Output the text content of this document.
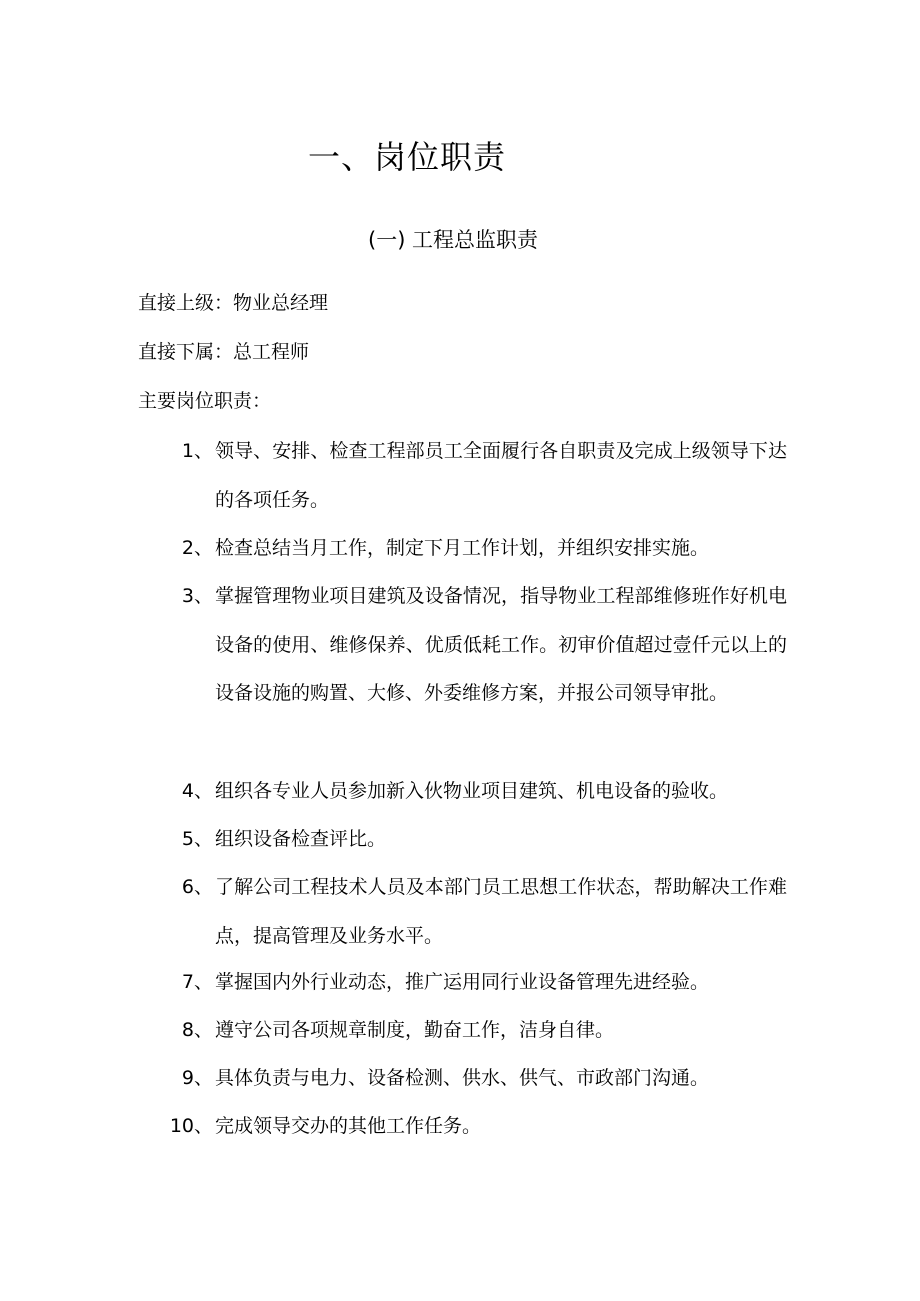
一、岗位职责
(一) 工程总监职责

直接上级：物业总经理

直接下属：总工程师

主要岗位职责：

1、 领导、安排、检查工程部员工全面履行各自职责及完成上级领导下达的各项任务。
2、 检查总结当月工作，制定下月工作计划，并组织安排实施。
3、 掌握管理物业项目建筑及设备情况，指导物业工程部维修班作好机电设备的使用、维修保养、优质低耗工作。初审价值超过壹仟元以上的设备设施的购置、大修、外委维修方案，并报公司领导审批。
4、 组织各专业人员参加新入伙物业项目建筑、机电设备的验收。
5、 组织设备检查评比。
6、 了解公司工程技术人员及本部门员工思想工作状态，帮助解决工作难点，提高管理及业务水平。
7、 掌握国内外行业动态，推广运用同行业设备管理先进经验。
8、 遵守公司各项规章制度，勤奋工作，洁身自律。
9、 具体负责与电力、设备检测、供水、供气、市政部门沟通。
10、 完成领导交办的其他工作任务。
